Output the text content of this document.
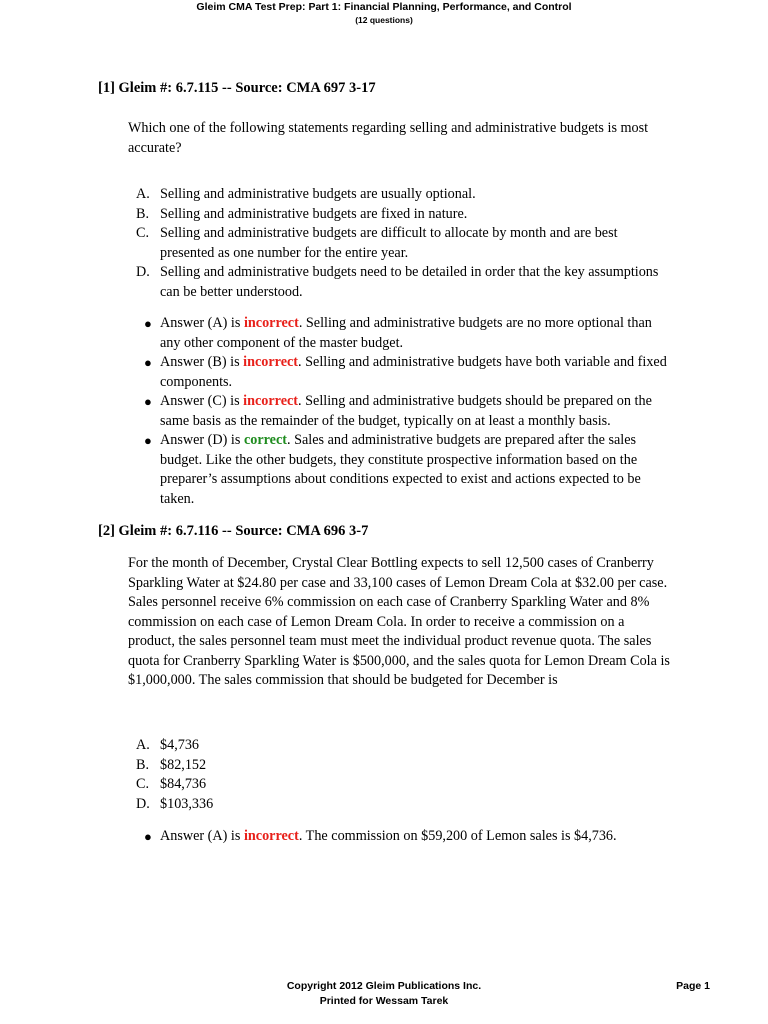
Gleim CMA Test Prep: Part 1: Financial Planning, Performance, and Control
(12 questions)
[1] Gleim #: 6.7.115 -- Source: CMA 697 3-17
Which one of the following statements regarding selling and administrative budgets is most accurate?
A. Selling and administrative budgets are usually optional.
B. Selling and administrative budgets are fixed in nature.
C. Selling and administrative budgets are difficult to allocate by month and are best presented as one number for the entire year.
D. Selling and administrative budgets need to be detailed in order that the key assumptions can be better understood.
● Answer (A) is incorrect. Selling and administrative budgets are no more optional than any other component of the master budget.
● Answer (B) is incorrect. Selling and administrative budgets have both variable and fixed components.
● Answer (C) is incorrect. Selling and administrative budgets should be prepared on the same basis as the remainder of the budget, typically on at least a monthly basis.
● Answer (D) is correct. Sales and administrative budgets are prepared after the sales budget. Like the other budgets, they constitute prospective information based on the preparer’s assumptions about conditions expected to exist and actions expected to be taken.
[2] Gleim #: 6.7.116 -- Source: CMA 696 3-7
For the month of December, Crystal Clear Bottling expects to sell 12,500 cases of Cranberry Sparkling Water at $24.80 per case and 33,100 cases of Lemon Dream Cola at $32.00 per case. Sales personnel receive 6% commission on each case of Cranberry Sparkling Water and 8% commission on each case of Lemon Dream Cola. In order to receive a commission on a product, the sales personnel team must meet the individual product revenue quota. The sales quota for Cranberry Sparkling Water is $500,000, and the sales quota for Lemon Dream Cola is $1,000,000. The sales commission that should be budgeted for December is
A. $4,736
B. $82,152
C. $84,736
D. $103,336
● Answer (A) is incorrect. The commission on $59,200 of Lemon sales is $4,736.
Copyright 2012 Gleim Publications Inc.
Printed for Wessam Tarek
Page 1
